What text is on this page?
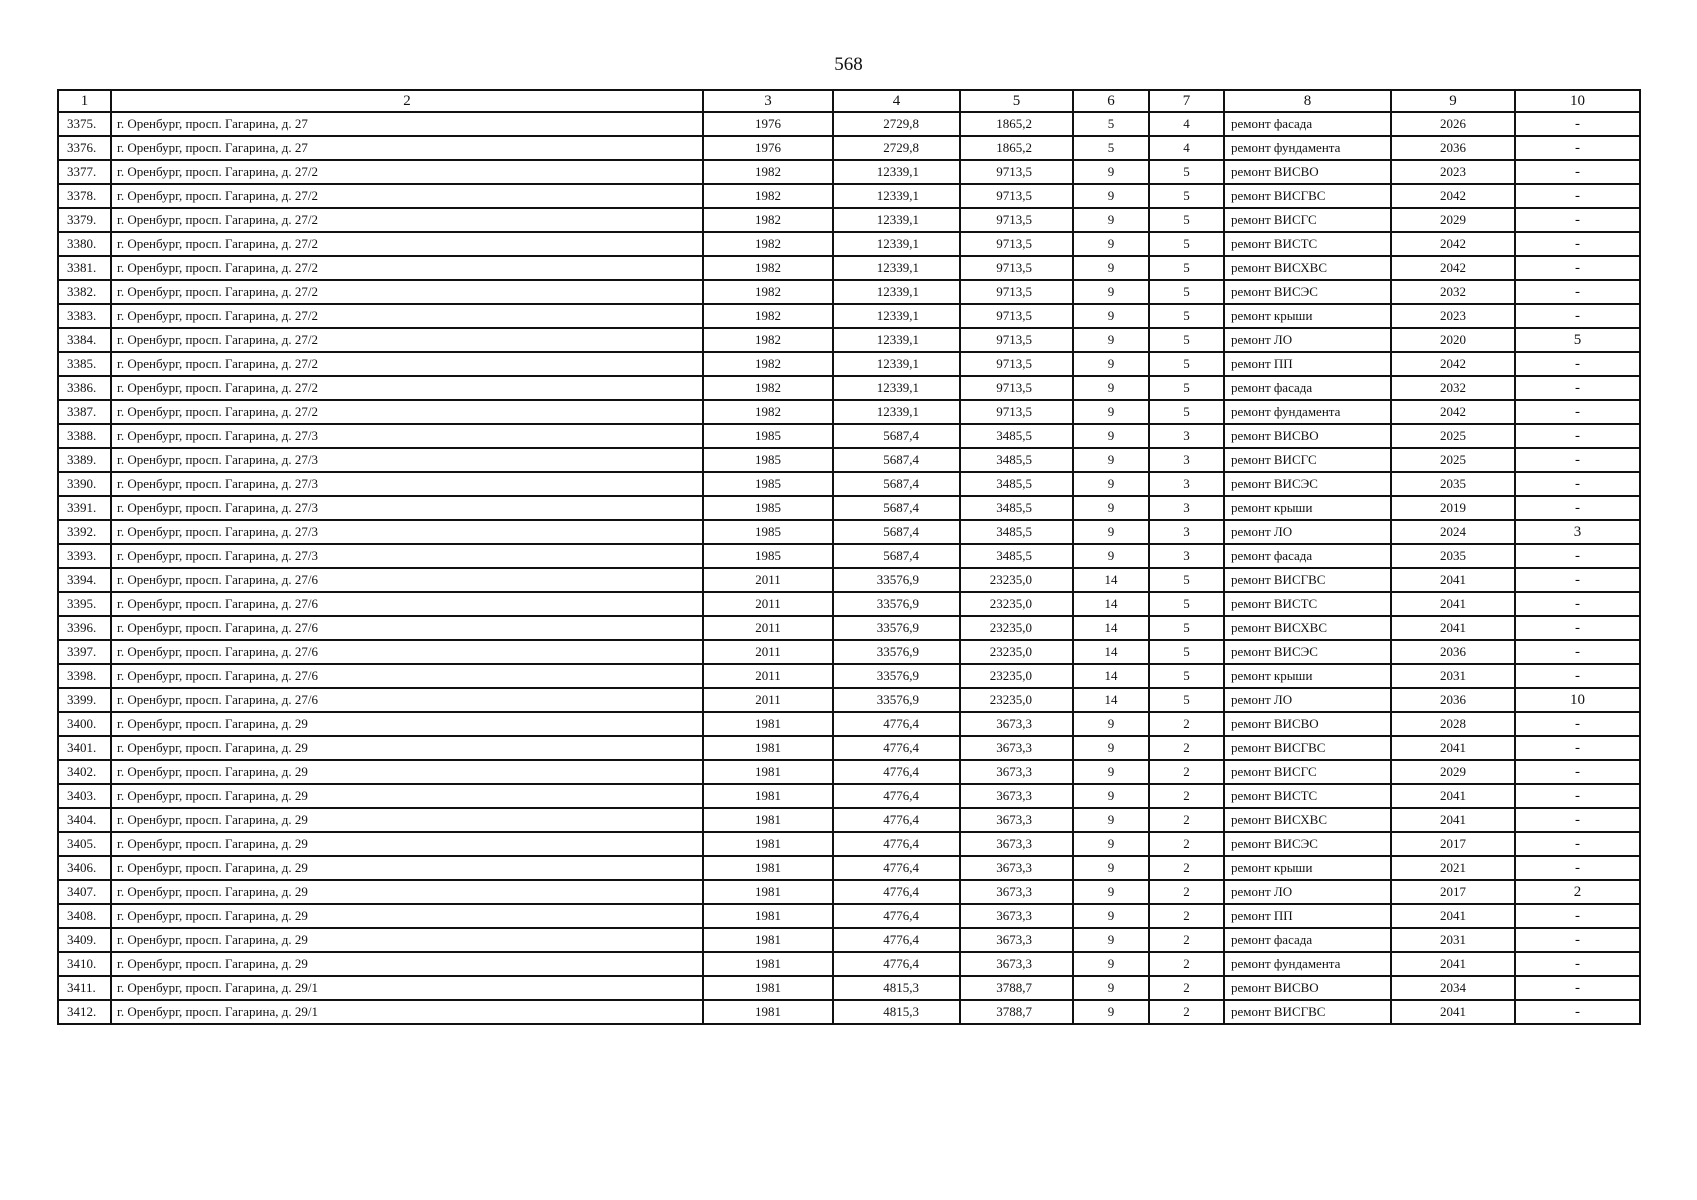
568
1	2	3	4	5	6	7	8	9	10
3375.	г. Оренбург, просп. Гагарина, д. 27	1976	2729,8	1865,2	5	4	ремонт фасада	2026	-
3376.	г. Оренбург, просп. Гагарина, д. 27	1976	2729,8	1865,2	5	4	ремонт фундамента	2036	-
3377.	г. Оренбург, просп. Гагарина, д. 27/2	1982	12339,1	9713,5	9	5	ремонт ВИСВО	2023	-
3378.	г. Оренбург, просп. Гагарина, д. 27/2	1982	12339,1	9713,5	9	5	ремонт ВИСГВС	2042	-
3379.	г. Оренбург, просп. Гагарина, д. 27/2	1982	12339,1	9713,5	9	5	ремонт ВИСГС	2029	-
3380.	г. Оренбург, просп. Гагарина, д. 27/2	1982	12339,1	9713,5	9	5	ремонт ВИСТС	2042	-
3381.	г. Оренбург, просп. Гагарина, д. 27/2	1982	12339,1	9713,5	9	5	ремонт ВИСХВС	2042	-
3382.	г. Оренбург, просп. Гагарина, д. 27/2	1982	12339,1	9713,5	9	5	ремонт ВИСЭС	2032	-
3383.	г. Оренбург, просп. Гагарина, д. 27/2	1982	12339,1	9713,5	9	5	ремонт крыши	2023	-
3384.	г. Оренбург, просп. Гагарина, д. 27/2	1982	12339,1	9713,5	9	5	ремонт ЛО	2020	5
3385.	г. Оренбург, просп. Гагарина, д. 27/2	1982	12339,1	9713,5	9	5	ремонт ПП	2042	-
3386.	г. Оренбург, просп. Гагарина, д. 27/2	1982	12339,1	9713,5	9	5	ремонт фасада	2032	-
3387.	г. Оренбург, просп. Гагарина, д. 27/2	1982	12339,1	9713,5	9	5	ремонт фундамента	2042	-
3388.	г. Оренбург, просп. Гагарина, д. 27/3	1985	5687,4	3485,5	9	3	ремонт ВИСВО	2025	-
3389.	г. Оренбург, просп. Гагарина, д. 27/3	1985	5687,4	3485,5	9	3	ремонт ВИСГС	2025	-
3390.	г. Оренбург, просп. Гагарина, д. 27/3	1985	5687,4	3485,5	9	3	ремонт ВИСЭС	2035	-
3391.	г. Оренбург, просп. Гагарина, д. 27/3	1985	5687,4	3485,5	9	3	ремонт крыши	2019	-
3392.	г. Оренбург, просп. Гагарина, д. 27/3	1985	5687,4	3485,5	9	3	ремонт ЛО	2024	3
3393.	г. Оренбург, просп. Гагарина, д. 27/3	1985	5687,4	3485,5	9	3	ремонт фасада	2035	-
3394.	г. Оренбург, просп. Гагарина, д. 27/6	2011	33576,9	23235,0	14	5	ремонт ВИСГВС	2041	-
3395.	г. Оренбург, просп. Гагарина, д. 27/6	2011	33576,9	23235,0	14	5	ремонт ВИСТС	2041	-
3396.	г. Оренбург, просп. Гагарина, д. 27/6	2011	33576,9	23235,0	14	5	ремонт ВИСХВС	2041	-
3397.	г. Оренбург, просп. Гагарина, д. 27/6	2011	33576,9	23235,0	14	5	ремонт ВИСЭС	2036	-
3398.	г. Оренбург, просп. Гагарина, д. 27/6	2011	33576,9	23235,0	14	5	ремонт крыши	2031	-
3399.	г. Оренбург, просп. Гагарина, д. 27/6	2011	33576,9	23235,0	14	5	ремонт ЛО	2036	10
3400.	г. Оренбург, просп. Гагарина, д. 29	1981	4776,4	3673,3	9	2	ремонт ВИСВО	2028	-
3401.	г. Оренбург, просп. Гагарина, д. 29	1981	4776,4	3673,3	9	2	ремонт ВИСГВС	2041	-
3402.	г. Оренбург, просп. Гагарина, д. 29	1981	4776,4	3673,3	9	2	ремонт ВИСГС	2029	-
3403.	г. Оренбург, просп. Гагарина, д. 29	1981	4776,4	3673,3	9	2	ремонт ВИСТС	2041	-
3404.	г. Оренбург, просп. Гагарина, д. 29	1981	4776,4	3673,3	9	2	ремонт ВИСХВС	2041	-
3405.	г. Оренбург, просп. Гагарина, д. 29	1981	4776,4	3673,3	9	2	ремонт ВИСЭС	2017	-
3406.	г. Оренбург, просп. Гагарина, д. 29	1981	4776,4	3673,3	9	2	ремонт крыши	2021	-
3407.	г. Оренбург, просп. Гагарина, д. 29	1981	4776,4	3673,3	9	2	ремонт ЛО	2017	2
3408.	г. Оренбург, просп. Гагарина, д. 29	1981	4776,4	3673,3	9	2	ремонт ПП	2041	-
3409.	г. Оренбург, просп. Гагарина, д. 29	1981	4776,4	3673,3	9	2	ремонт фасада	2031	-
3410.	г. Оренбург, просп. Гагарина, д. 29	1981	4776,4	3673,3	9	2	ремонт фундамента	2041	-
3411.	г. Оренбург, просп. Гагарина, д. 29/1	1981	4815,3	3788,7	9	2	ремонт ВИСВО	2034	-
3412.	г. Оренбург, просп. Гагарина, д. 29/1	1981	4815,3	3788,7	9	2	ремонт ВИСГВС	2041	-
